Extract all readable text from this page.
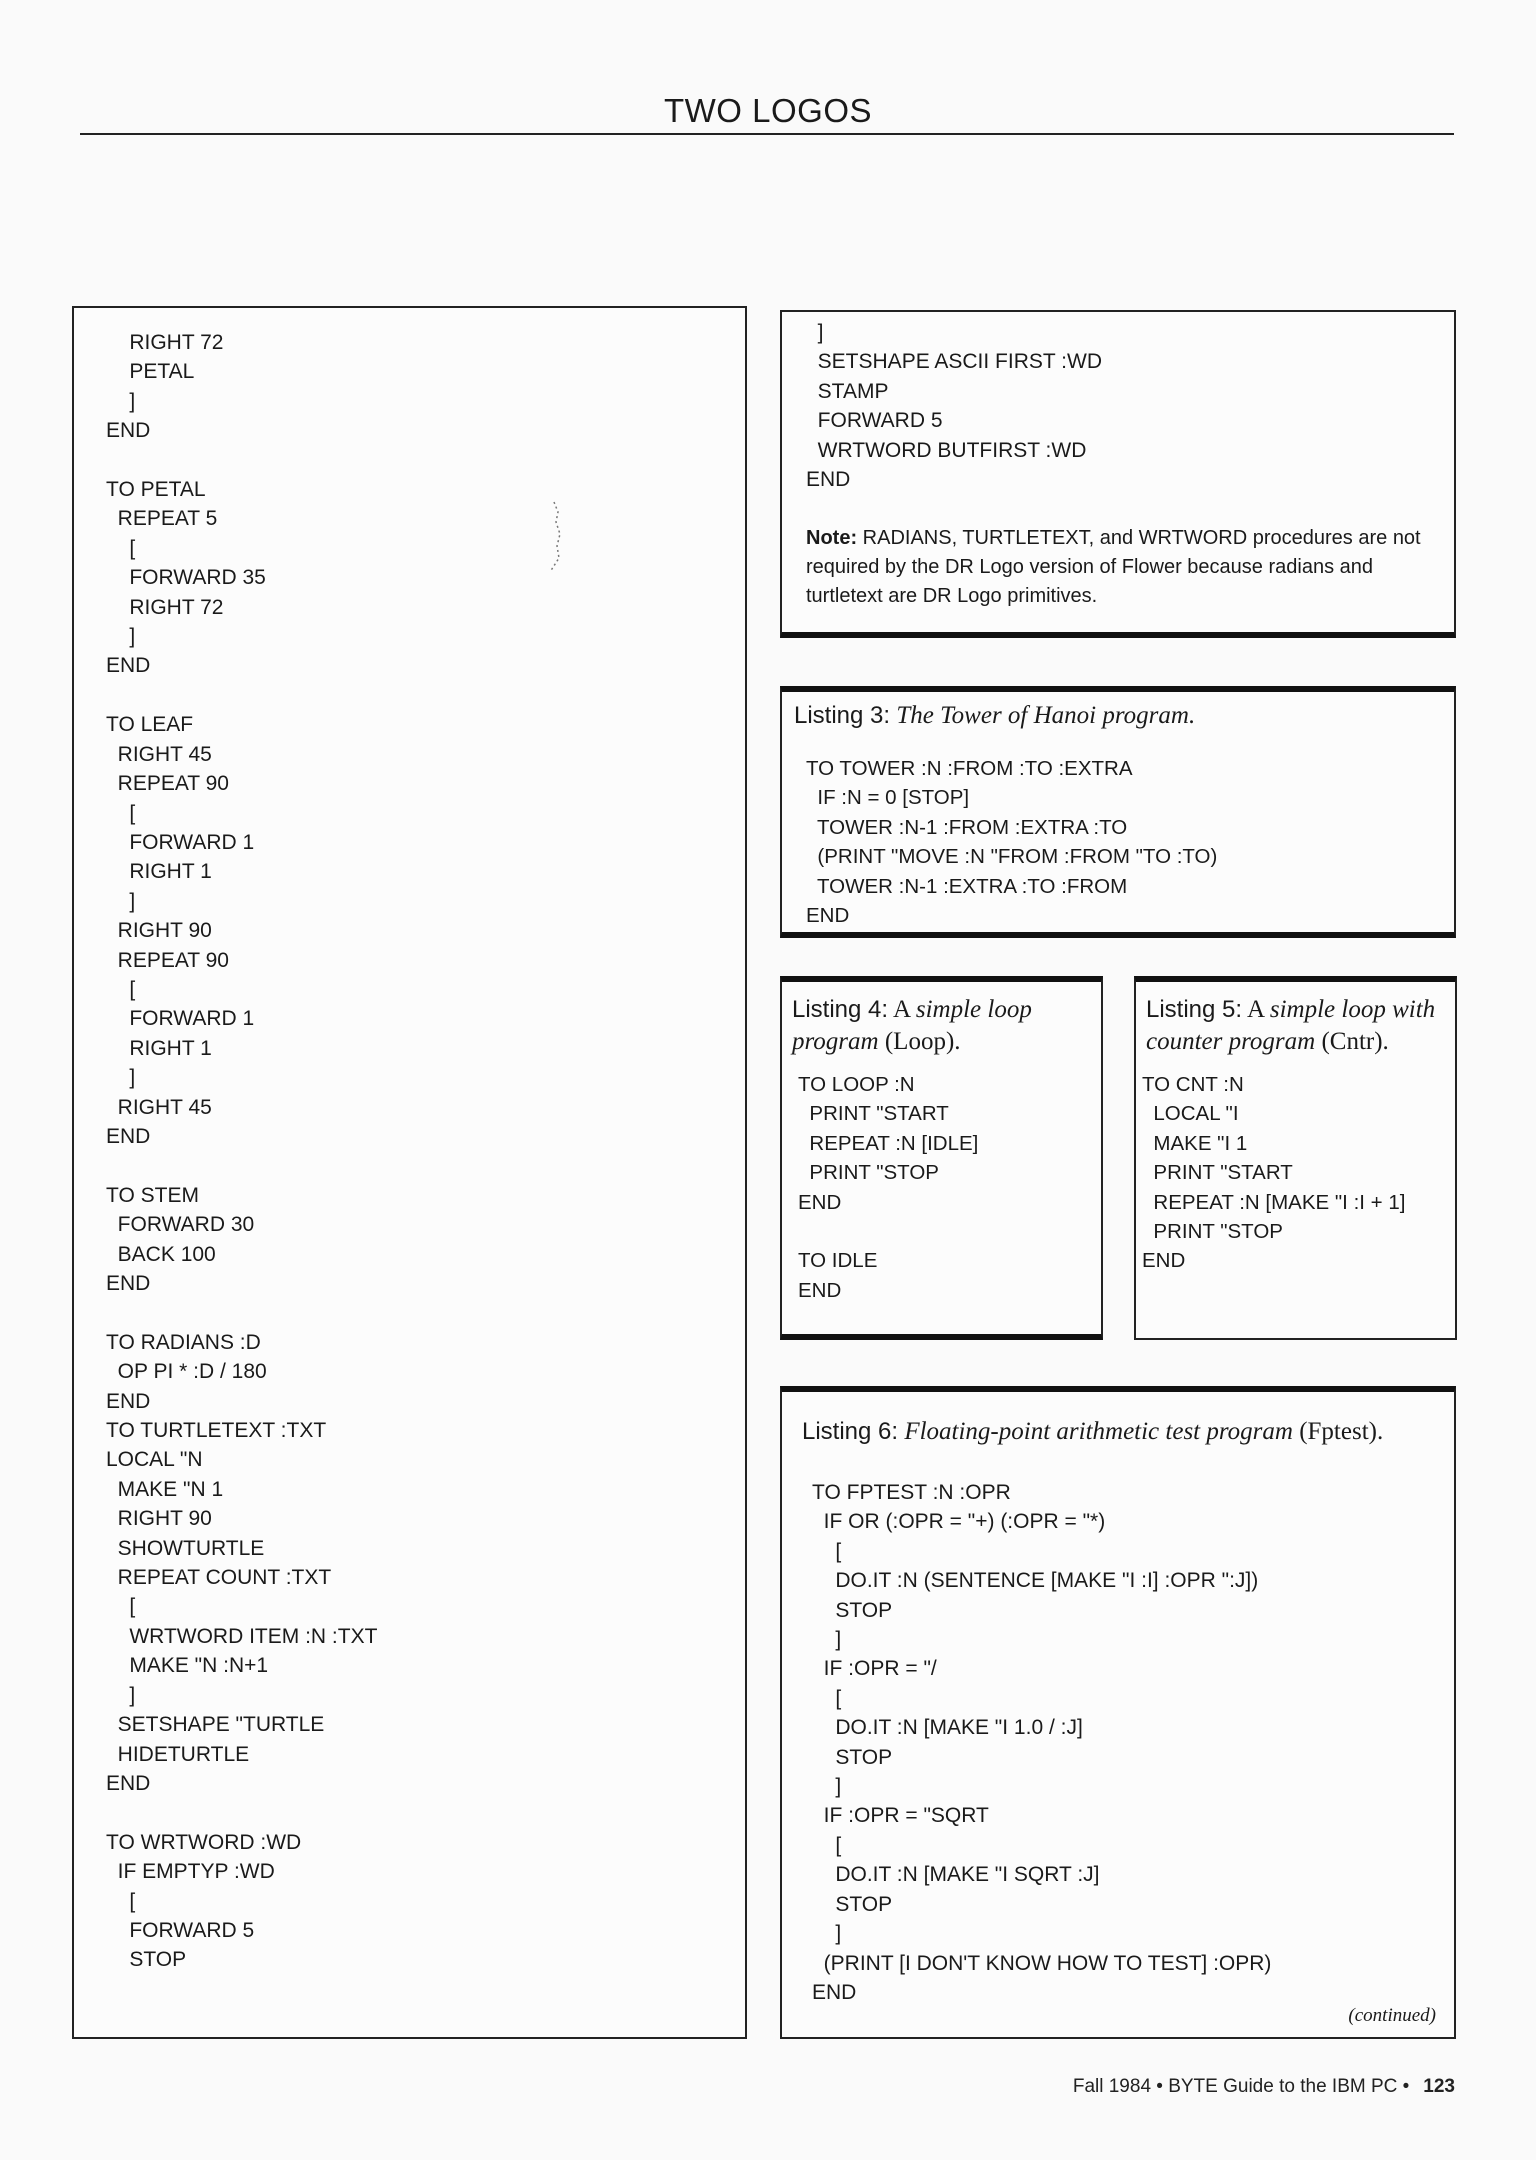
TWO LOGOS
RIGHT 72
PETAL
]
END

TO PETAL
REPEAT 5
[
FORWARD 35
RIGHT 72
]
END

TO LEAF
RIGHT 45
REPEAT 90
[
FORWARD 1
RIGHT 1
]
RIGHT 90
REPEAT 90
[
FORWARD 1
RIGHT 1
]
RIGHT 45
END

TO STEM
FORWARD 30
BACK 100
END

TO RADIANS :D
OP PI * :D / 180
END
TO TURTLETEXT :TXT
LOCAL "N
MAKE "N 1
RIGHT 90
SHOWTURTLE
REPEAT COUNT :TXT
[
WRTWORD ITEM :N :TXT
MAKE "N :N+1
]
SETSHAPE "TURTLE
HIDETURTLE
END

TO WRTWORD :WD
IF EMPTYP :WD
[
FORWARD 5
STOP
]
SETSHAPE ASCII FIRST :WD
STAMP
FORWARD 5
WRTWORD BUTFIRST :WD
END
Note: RADIANS, TURTLETEXT, and WRTWORD procedures are not required by the DR Logo version of Flower because radians and turtletext are DR Logo primitives.
Listing 3: The Tower of Hanoi program.
TO TOWER :N :FROM :TO :EXTRA
IF :N = 0 [STOP]
TOWER :N-1 :FROM :EXTRA :TO
(PRINT "MOVE :N "FROM :FROM "TO :TO)
TOWER :N-1 :EXTRA :TO :FROM
END
Listing 4: A simple loop program (Loop).
TO LOOP :N
PRINT "START
REPEAT :N [IDLE]
PRINT "STOP
END

TO IDLE
END
Listing 5: A simple loop with counter program (Cntr).
TO CNT :N
LOCAL "I
MAKE "I 1
PRINT "START
REPEAT :N [MAKE "I :I + 1]
PRINT "STOP
END
Listing 6: Floating-point arithmetic test program (Fptest).
TO FPTEST :N :OPR
IF OR (:OPR = "+) (:OPR = "*)
[
DO.IT :N (SENTENCE [MAKE "I :I] :OPR ":J])
STOP
]
IF :OPR = "/
[
DO.IT :N [MAKE "I 1.0 / :J]
STOP
]
IF :OPR = "SQRT
[
DO.IT :N [MAKE "I SQRT :J]
STOP
]
(PRINT [I DON'T KNOW HOW TO TEST] :OPR)
END
(continued)
Fall 1984 • BYTE Guide to the IBM PC • 123
